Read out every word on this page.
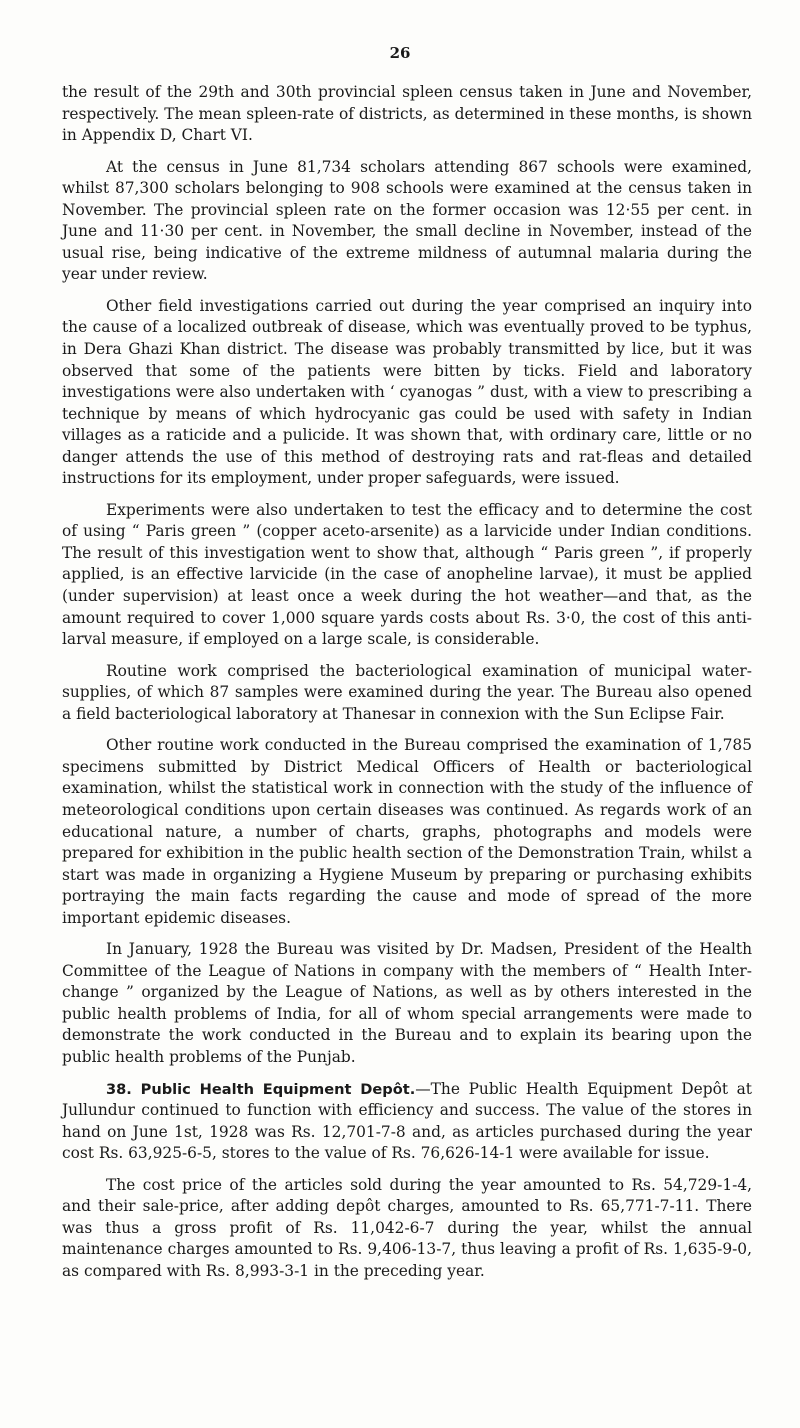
26

the result of the 29th and 30th provincial spleen census taken in June and November, respectively. The mean spleen-rate of districts, as determined in these months, is shown in Appendix D, Chart VI.

At the census in June 81,734 scholars attending 867 schools were examined, whilst 87,300 scholars belonging to 908 schools were examined at the census taken in November. The provincial spleen rate on the former occasion was 12·55 per cent. in June and 11·30 per cent. in November, the small decline in November, instead of the usual rise, being indicative of the extreme mildness of autumnal malaria during the year under review.

Other field investigations carried out during the year comprised an inquiry into the cause of a localized outbreak of disease, which was eventually proved to be typhus, in Dera Ghazi Khan district. The disease was probably transmitted by lice, but it was observed that some of the patients were bitten by ticks. Field and laboratory investigations were also undertaken with ‘ cyanogas ” dust, with a view to prescribing a technique by means of which hydrocyanic gas could be used with safety in Indian villages as a raticide and a pulicide. It was shown that, with ordinary care, little or no danger attends the use of this method of destroying rats and rat-fleas and detailed instructions for its employment, under proper safeguards, were issued.

Experiments were also undertaken to test the efficacy and to determine the cost of using “ Paris green ” (copper aceto-arsenite) as a larvicide under Indian conditions. The result of this investigation went to show that, although “ Paris green ”, if properly applied, is an effective larvicide (in the case of anopheline larvae), it must be applied (under supervision) at least once a week during the hot weather—and that, as the amount required to cover 1,000 square yards costs about Rs. 3·0, the cost of this anti-larval measure, if employed on a large scale, is considerable.

Routine work comprised the bacteriological examination of municipal water-supplies, of which 87 samples were examined during the year. The Bureau also opened a field bacteriological laboratory at Thanesar in connexion with the Sun Eclipse Fair.

Other routine work conducted in the Bureau comprised the examination of 1,785 specimens submitted by District Medical Officers of Health or bacteriological examination, whilst the statistical work in connection with the study of the influence of meteorological conditions upon certain diseases was continued. As regards work of an educational nature, a number of charts, graphs, photographs and models were prepared for exhibition in the public health section of the Demonstration Train, whilst a start was made in organizing a Hygiene Museum by preparing or purchasing exhibits portraying the main facts regarding the cause and mode of spread of the more important epidemic diseases.

In January, 1928 the Bureau was visited by Dr. Madsen, President of the Health Committee of the League of Nations in company with the members of “ Health Inter-change ” organized by the League of Nations, as well as by others interested in the public health problems of India, for all of whom special arrangements were made to demonstrate the work conducted in the Bureau and to explain its bearing upon the public health problems of the Punjab.

38. Public Health Equipment Depôt.—The Public Health Equipment Depôt at Jullundur continued to function with efficiency and success. The value of the stores in hand on June 1st, 1928 was Rs. 12,701-7-8 and, as articles purchased during the year cost Rs. 63,925-6-5, stores to the value of Rs. 76,626-14-1 were available for issue.

The cost price of the articles sold during the year amounted to Rs. 54,729-1-4, and their sale-price, after adding depôt charges, amounted to Rs. 65,771-7-11. There was thus a gross profit of Rs. 11,042-6-7 during the year, whilst the annual maintenance charges amounted to Rs. 9,406-13-7, thus leaving a profit of Rs. 1,635-9-0, as compared with Rs. 8,993-3-1 in the preceding year.
